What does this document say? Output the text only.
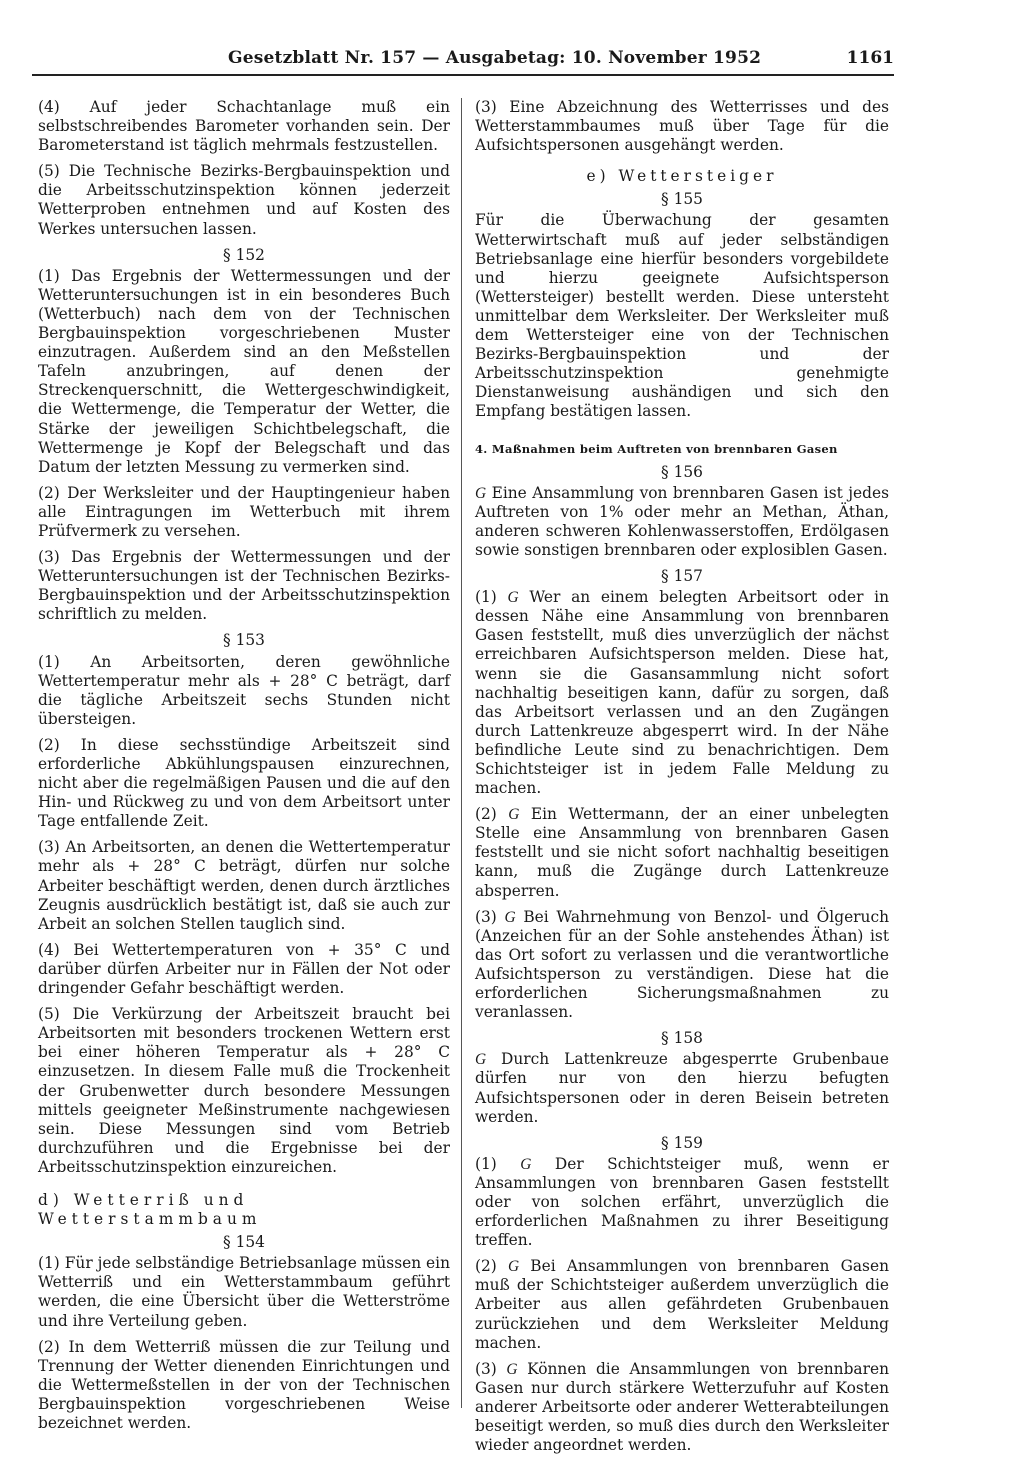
Gesetzblatt Nr. 157 — Ausgabetag: 10. November 1952	1161

(4) Auf jeder Schachtanlage muß ein selbstschreibendes Barometer vorhanden sein. Der Barometerstand ist täglich mehrmals festzustellen.

(5) Die Technische Bezirks-Bergbauinspektion und die Arbeitsschutzinspektion können jederzeit Wetterproben entnehmen und auf Kosten des Werkes untersuchen lassen.

§ 152

(1) Das Ergebnis der Wettermessungen und der Wetteruntersuchungen ist in ein besonderes Buch (Wetterbuch) nach dem von der Technischen Bergbauinspektion vorgeschriebenen Muster einzutragen. Außerdem sind an den Meßstellen Tafeln anzubringen, auf denen der Streckenquerschnitt, die Wettergeschwindigkeit, die Wettermenge, die Temperatur der Wetter, die Stärke der jeweiligen Schichtbelegschaft, die Wettermenge je Kopf der Belegschaft und das Datum der letzten Messung zu vermerken sind.

(2) Der Werksleiter und der Hauptingenieur haben alle Eintragungen im Wetterbuch mit ihrem Prüfvermerk zu versehen.

(3) Das Ergebnis der Wettermessungen und der Wetteruntersuchungen ist der Technischen Bezirks-Bergbauinspektion und der Arbeitsschutzinspektion schriftlich zu melden.

§ 153

(1) An Arbeitsorten, deren gewöhnliche Wettertemperatur mehr als + 28° C beträgt, darf die tägliche Arbeitszeit sechs Stunden nicht übersteigen.

(2) In diese sechsstündige Arbeitszeit sind erforderliche Abkühlungspausen einzurechnen, nicht aber die regelmäßigen Pausen und die auf den Hin- und Rückweg zu und von dem Arbeitsort unter Tage entfallende Zeit.

(3) An Arbeitsorten, an denen die Wettertemperatur mehr als + 28° C beträgt, dürfen nur solche Arbeiter beschäftigt werden, denen durch ärztliches Zeugnis ausdrücklich bestätigt ist, daß sie auch zur Arbeit an solchen Stellen tauglich sind.

(4) Bei Wettertemperaturen von + 35° C und darüber dürfen Arbeiter nur in Fällen der Not oder dringender Gefahr beschäftigt werden.

(5) Die Verkürzung der Arbeitszeit braucht bei Arbeitsorten mit besonders trockenen Wettern erst bei einer höheren Temperatur als + 28° C einzusetzen. In diesem Falle muß die Trockenheit der Grubenwetter durch besondere Messungen mittels geeigneter Meßinstrumente nachgewiesen sein. Diese Messungen sind vom Betrieb durchzuführen und die Ergebnisse bei der Arbeitsschutzinspektion einzureichen.

d) Wetterriß und Wetterstammbaum
§ 154

(1) Für jede selbständige Betriebsanlage müssen ein Wetterriß und ein Wetterstammbaum geführt werden, die eine Übersicht über die Wetterströme und ihre Verteilung geben.

(2) In dem Wetterriß müssen die zur Teilung und Trennung der Wetter dienenden Einrichtungen und die Wettermeßstellen in der von der Technischen Bergbauinspektion vorgeschriebenen Weise bezeichnet werden.

(3) Eine Abzeichnung des Wetterrisses und des Wetterstammbaumes muß über Tage für die Aufsichtspersonen ausgehängt werden.

e) Wettersteiger
§ 155

Für die Überwachung der gesamten Wetterwirtschaft muß auf jeder selbständigen Betriebsanlage eine hierfür besonders vorgebildete und hierzu geeignete Aufsichtsperson (Wettersteiger) bestellt werden. Diese untersteht unmittelbar dem Werksleiter. Der Werksleiter muß dem Wettersteiger eine von der Technischen Bezirks-Bergbauinspektion und der Arbeitsschutzinspektion genehmigte Dienstanweisung aushändigen und sich den Empfang bestätigen lassen.

4. Maßnahmen beim Auftreten von brennbaren Gasen
§ 156

G Eine Ansammlung von brennbaren Gasen ist jedes Auftreten von 1% oder mehr an Methan, Äthan, anderen schweren Kohlenwasserstoffen, Erdölgasen sowie sonstigen brennbaren oder explosiblen Gasen.

§ 157

(1) G Wer an einem belegten Arbeitsort oder in dessen Nähe eine Ansammlung von brennbaren Gasen feststellt, muß dies unverzüglich der nächst erreichbaren Aufsichtsperson melden. Diese hat, wenn sie die Gasansammlung nicht sofort nachhaltig beseitigen kann, dafür zu sorgen, daß das Arbeitsort verlassen und an den Zugängen durch Lattenkreuze abgesperrt wird. In der Nähe befindliche Leute sind zu benachrichtigen. Dem Schichtsteiger ist in jedem Falle Meldung zu machen.

(2) G Ein Wettermann, der an einer unbelegten Stelle eine Ansammlung von brennbaren Gasen feststellt und sie nicht sofort nachhaltig beseitigen kann, muß die Zugänge durch Lattenkreuze absperren.

(3) G Bei Wahrnehmung von Benzol- und Ölgeruch (Anzeichen für an der Sohle anstehendes Äthan) ist das Ort sofort zu verlassen und die verantwortliche Aufsichtsperson zu verständigen. Diese hat die erforderlichen Sicherungsmaßnahmen zu veranlassen.

§ 158

G Durch Lattenkreuze abgesperrte Grubenbaue dürfen nur von den hierzu befugten Aufsichtspersonen oder in deren Beisein betreten werden.

§ 159

(1) G Der Schichtsteiger muß, wenn er Ansammlungen von brennbaren Gasen feststellt oder von solchen erfährt, unverzüglich die erforderlichen Maßnahmen zu ihrer Beseitigung treffen.

(2) G Bei Ansammlungen von brennbaren Gasen muß der Schichtsteiger außerdem unverzüglich die Arbeiter aus allen gefährdeten Grubenbauen zurückziehen und dem Werksleiter Meldung machen.

(3) G Können die Ansammlungen von brennbaren Gasen nur durch stärkere Wetterzufuhr auf Kosten anderer Arbeitsorte oder anderer Wetterabteilungen beseitigt werden, so muß dies durch den Werksleiter wieder angeordnet werden.
